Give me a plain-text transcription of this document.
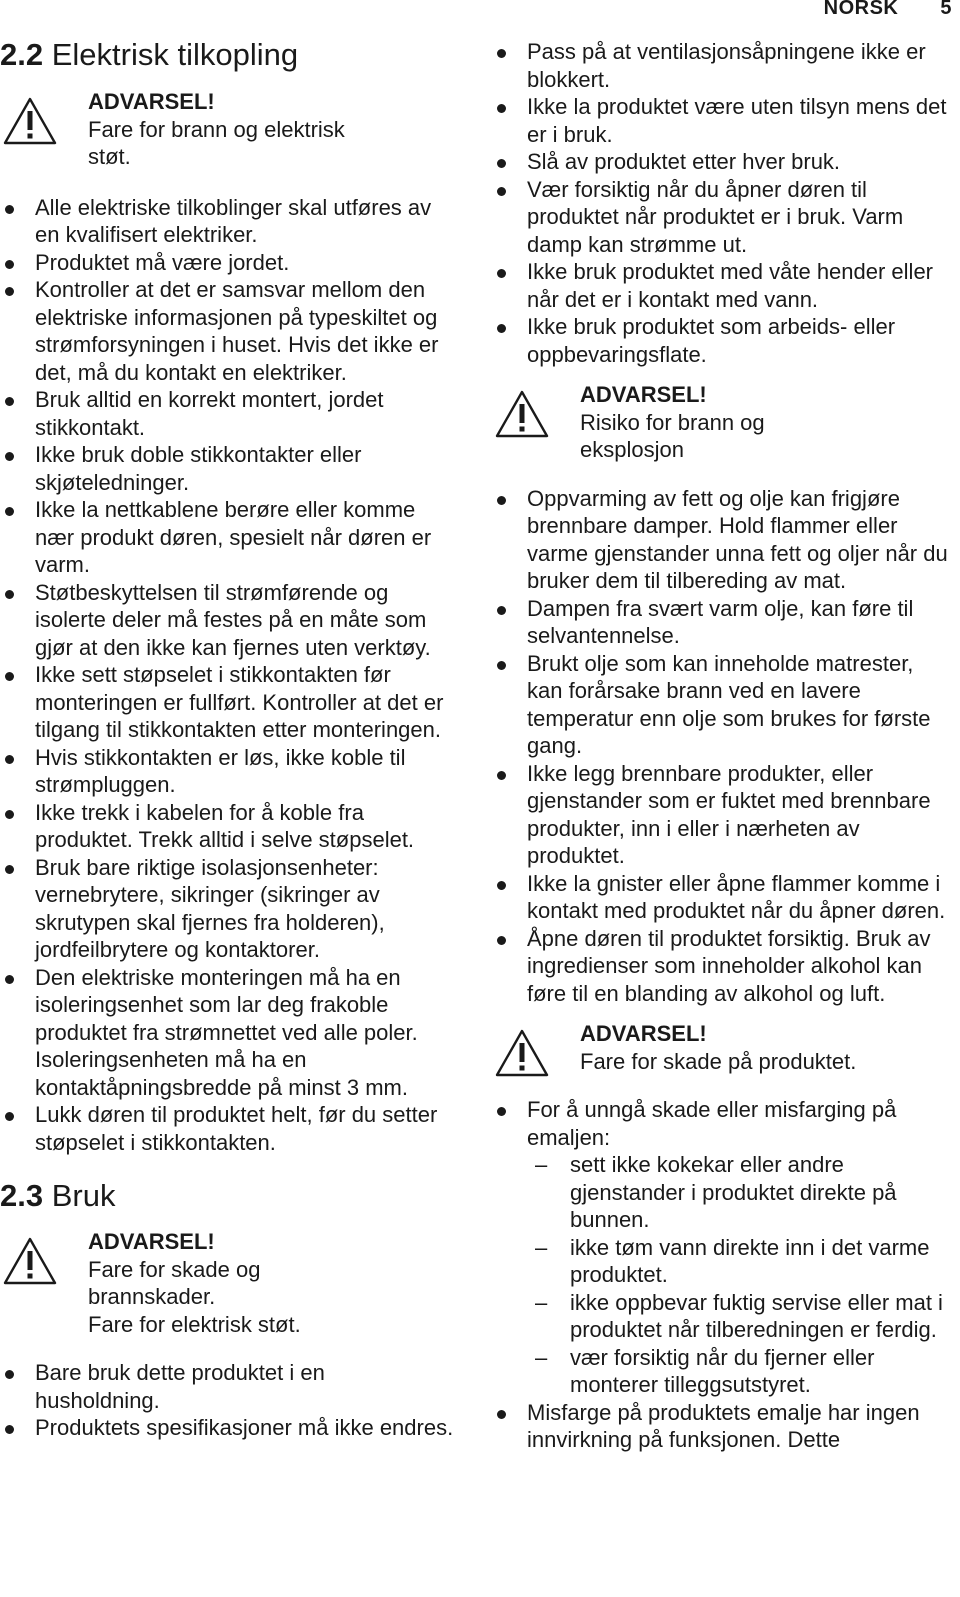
NORSK 5
2.2 Elektrisk tilkopling
ADVARSEL!
Fare for brann og elektrisk
støt.
Alle elektriske tilkoblinger skal utføres av en kvalifisert elektriker.
Produktet må være jordet.
Kontroller at det er samsvar mellom den elektriske informasjonen på typeskiltet og strømforsyningen i huset. Hvis det ikke er det, må du kontakt en elektriker.
Bruk alltid en korrekt montert, jordet stikkontakt.
Ikke bruk doble stikkontakter eller skjøteledninger.
Ikke la nettkablene berøre eller komme nær produkt døren, spesielt når døren er varm.
Støtbeskyttelsen til strømførende og isolerte deler må festes på en måte som gjør at den ikke kan fjernes uten verktøy.
Ikke sett støpselet i stikkontakten før monteringen er fullført. Kontroller at det er tilgang til stikkontakten etter monteringen.
Hvis stikkontakten er løs, ikke koble til strømpluggen.
Ikke trekk i kabelen for å koble fra produktet. Trekk alltid i selve støpselet.
Bruk bare riktige isolasjonsenheter: vernebrytere, sikringer (sikringer av skrutypen skal fjernes fra holderen), jordfeilbrytere og kontaktorer.
Den elektriske monteringen må ha en isoleringsenhet som lar deg frakoble produktet fra strømnettet ved alle poler. Isoleringsenheten må ha en kontaktåpningsbredde på minst 3 mm.
Lukk døren til produktet helt, før du setter støpselet i stikkontakten.
2.3 Bruk
ADVARSEL!
Fare for skade og
brannskader.
Fare for elektrisk støt.
Bare bruk dette produktet i en husholdning.
Produktets spesifikasjoner må ikke endres.
Pass på at ventilasjonsåpningene ikke er blokkert.
Ikke la produktet være uten tilsyn mens det er i bruk.
Slå av produktet etter hver bruk.
Vær forsiktig når du åpner døren til produktet når produktet er i bruk. Varm damp kan strømme ut.
Ikke bruk produktet med våte hender eller når det er i kontakt med vann.
Ikke bruk produktet som arbeids- eller oppbevaringsflate.
ADVARSEL!
Risiko for brann og
eksplosjon
Oppvarming av fett og olje kan frigjøre brennbare damper. Hold flammer eller varme gjenstander unna fett og oljer når du bruker dem til tilbereding av mat.
Dampen fra svært varm olje, kan føre til selvantennelse.
Brukt olje som kan inneholde matrester, kan forårsake brann ved en lavere temperatur enn olje som brukes for første gang.
Ikke legg brennbare produkter, eller gjenstander som er fuktet med brennbare produkter, inn i eller i nærheten av produktet.
Ikke la gnister eller åpne flammer komme i kontakt med produktet når du åpner døren.
Åpne døren til produktet forsiktig. Bruk av ingredienser som inneholder alkohol kan føre til en blanding av alkohol og luft.
ADVARSEL!
Fare for skade på produktet.
For å unngå skade eller misfarging på emaljen:
– sett ikke kokekar eller andre gjenstander i produktet direkte på bunnen.
– ikke tøm vann direkte inn i det varme produktet.
– ikke oppbevar fuktig servise eller mat i produktet når tilberedningen er ferdig.
– vær forsiktig når du fjerner eller monterer tilleggsutstyret.
Misfarge på produktets emalje har ingen innvirkning på funksjonen. Dette
